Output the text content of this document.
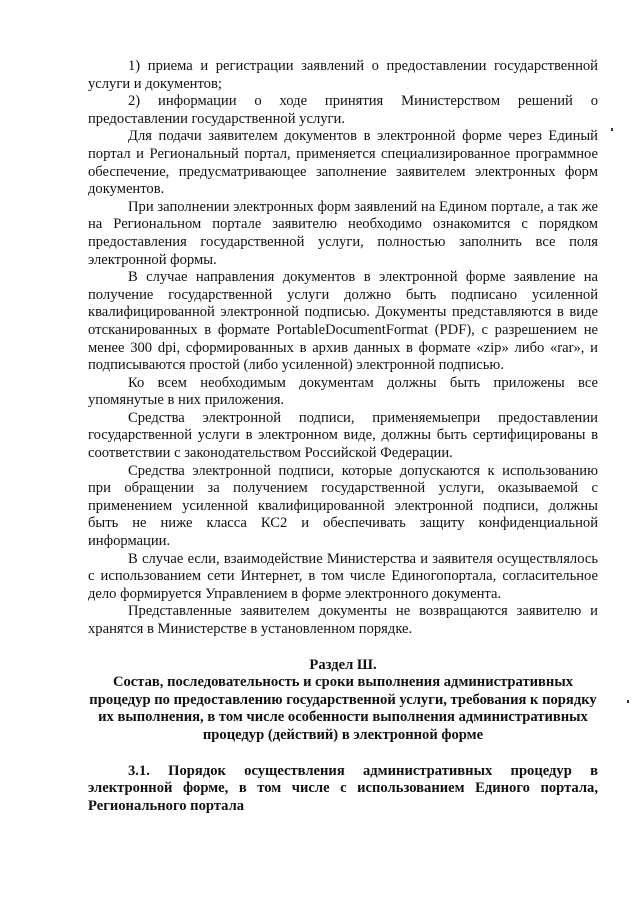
1) приема и регистрации заявлений о предоставлении государственной услуги и документов;

2) информации о ходе принятия Министерством решений о предоставлении государственной услуги.

Для подачи заявителем документов в электронной форме через Единый портал и Региональный портал, применяется специализированное программное обеспечение, предусматривающее заполнение заявителем электронных форм документов.

При заполнении электронных форм заявлений на Едином портале, а так же на Региональном портале заявителю необходимо ознакомится с порядком предоставления государственной услуги, полностью заполнить все поля электронной формы.

В случае направления документов в электронной форме заявление на получение государственной услуги должно быть подписано усиленной квалифицированной электронной подписью. Документы представляются в виде отсканированных в формате PortableDocumentFormat (PDF), с разрешением не менее 300 dpi, сформированных в архив данных в формате «zip» либо «rar», и подписываются простой (либо усиленной) электронной подписью.

Ко всем необходимым документам должны быть приложены все упомянутые в них приложения.

Средства электронной подписи, применяемыепри предоставлении государственной услуги в электронном виде, должны быть сертифицированы в соответствии с законодательством Российской Федерации.

Средства электронной подписи, которые допускаются к использованию при обращении за получением государственной услуги, оказываемой с применением усиленной квалифицированной электронной подписи, должны быть не ниже класса КС2 и обеспечивать защиту конфиденциальной информации.

В случае если, взаимодействие Министерства и заявителя осуществлялось с использованием сети Интернет, в том числе Единогопортала, согласительное дело формируется Управлением в форме электронного документа.

Представленные заявителем документы не возвращаются заявителю и хранятся в Министерстве в установленном порядке.

Раздел Ш.

Состав, последовательность и сроки выполнения административных процедур по предоставлению государственной услуги, требования к порядку их выполнения, в том числе особенности выполнения административных процедур (действий) в электронной форме

3.1. Порядок осуществления административных процедур в электронной форме, в том числе с использованием Единого портала, Регионального портала
